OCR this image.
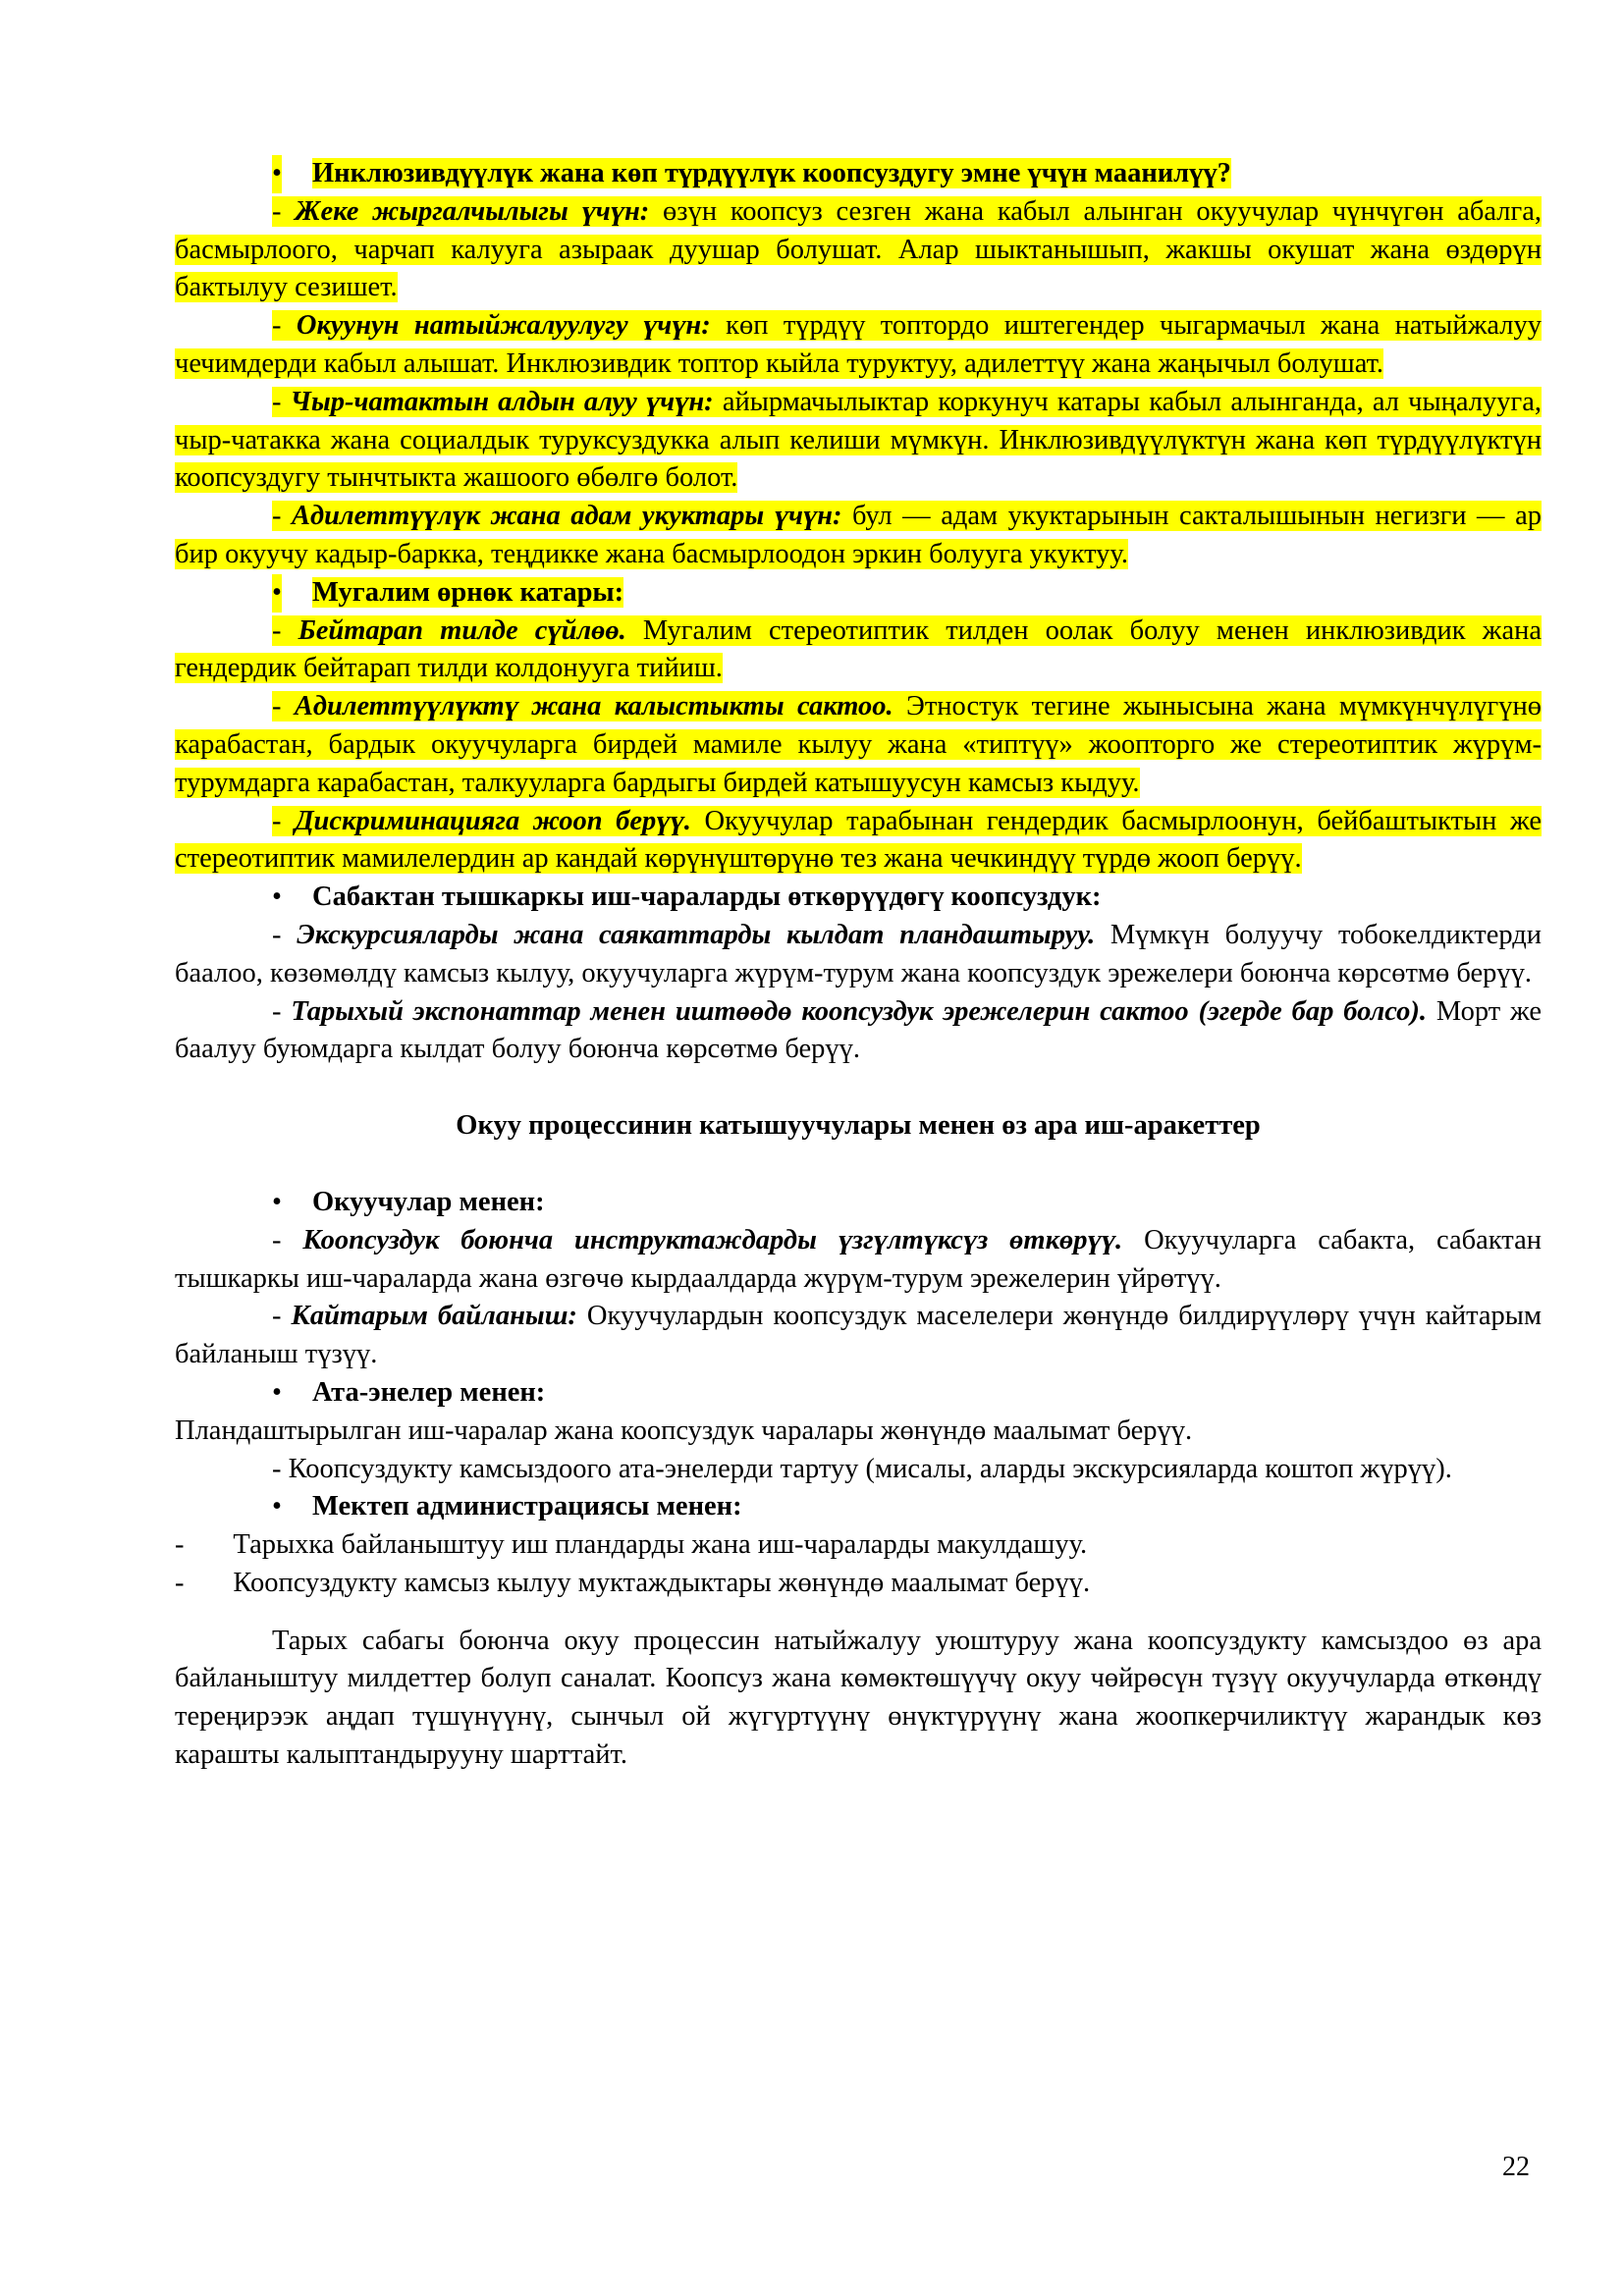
• Инклюзивдүүлүк жана көп түрдүүлүк коопсуздугу эмне үчүн маанилүү?

- Жеке жыргалчылыгы үчүн: өзүн коопсуз сезген жана кабыл алынган окуучулар чүнчүгөн абалга, басмырлоого, чарчап калууга азыраак дуушар болушат. Алар шыктанышып, жакшы окушат жана өздөрүн бактылуу сезишет.

- Окуунун натыйжалуулугу үчүн: көп түрдүү топтордо иштегендер чыгармачыл жана натыйжалуу чечимдерди кабыл алышат. Инклюзивдик топтор кыйла туруктуу, адилеттүү жана жаңычыл болушат.

- Чыр-чатактын алдын алуу үчүн: айырмачылыктар коркунуч катары кабыл алынганда, ал чыңалууга, чыр-чатакка жана социалдык туруксуздукка алып келиши мүмкүн. Инклюзивдүүлүктүн жана көп түрдүүлүктүн коопсуздугу тынчтыкта жашоого өбөлгө болот.

- Адилеттүүлүк жана адам укуктары үчүн: бул — адам укуктарынын сакталышынын негизги — ар бир окуучу кадыр-баркка, теңдикке жана басмырлоодон эркин болууга укуктуу.

• Мугалим өрнөк катары:

- Бейтарап тилде сүйлөө. Мугалим стереотиптик тилден оолак болуу менен инклюзивдик жана гендердик бейтарап тилди колдонууга тийиш.

- Адилеттүүлүктү жана калыстыкты сактоо. Этностук тегине жынысына жана мүмкүнчүлүгүнө карабастан, бардык окуучуларга бирдей мамиле кылуу жана «типтүү» жоопторго же стереотиптик жүрүм-турумдарга карабастан, талкууларга бардыгы бирдей катышуусун камсыз кыдуу.

- Дискриминацияга жооп берүү. Окуучулар тарабынан гендердик басмырлоонун, бейбаштыктын же стереотиптик мамилелердин ар кандай көрүнүштөрүнө тез жана чечкиндүү түрдө жооп берүү.

• Сабактан тышкаркы иш-чараларды өткөрүүдөгү коопсуздук:

- Экскурсияларды жана саякаттарды кылдат пландаштыруу. Мүмкүн болуучу тобокелдиктерди баалоо, көзөмөлдү камсыз кылуу, окуучуларга жүрүм-турум жана коопсуздук эрежелери боюнча көрсөтмө берүү.

- Тарыхый экспонаттар менен иштөөдө коопсуздук эрежелерин сактоо (эгерде бар болсо). Морт же баалуу буюмдарга кылдат болуу боюнча көрсөтмө берүү.

Окуу процессинин катышуучулары менен өз ара иш-аракеттер

• Окуучулар менен:

- Коопсуздук боюнча инструктаждарды үзгүлтүксүз өткөрүү. Окуучуларга сабакта, сабактан тышкаркы иш-чараларда жана өзгөчө кырдаалдарда жүрүм-турум эрежелерин үйрөтүү.

- Кайтарым байланыш: Окуучулардын коопсуздук маселелери жөнүндө билдирүүлөрү үчүн кайтарым байланыш түзүү.

• Ата-энелер менен:

Пландаштырылган иш-чаралар жана коопсуздук чаралары жөнүндө маалымат берүү.

- Коопсуздукту камсыздоого ата-энелерди тартуу (мисалы, аларды экскурсияларда коштоп жүрүү).

• Мектеп администрациясы менен:

-       Тарыхка байланыштуу иш пландарды жана иш-чараларды макулдашуу.

-       Коопсуздукту камсыз кылуу муктаждыктары жөнүндө маалымат берүү.

Тарых сабагы боюнча окуу процессин натыйжалуу уюштуруу жана коопсуздукту камсыздоо өз ара байланыштуу милдеттер болуп саналат. Коопсуз жана көмөктөшүүчү окуу чөйрөсүн түзүү окуучуларда өткөндү тереңирээк аңдап түшүнүүнү, сынчыл ой жүгүртүүнү өнүктүрүүнү жана жоопкерчиликтүү жарандык көз карашты калыптандырууну шарттайт.

22
